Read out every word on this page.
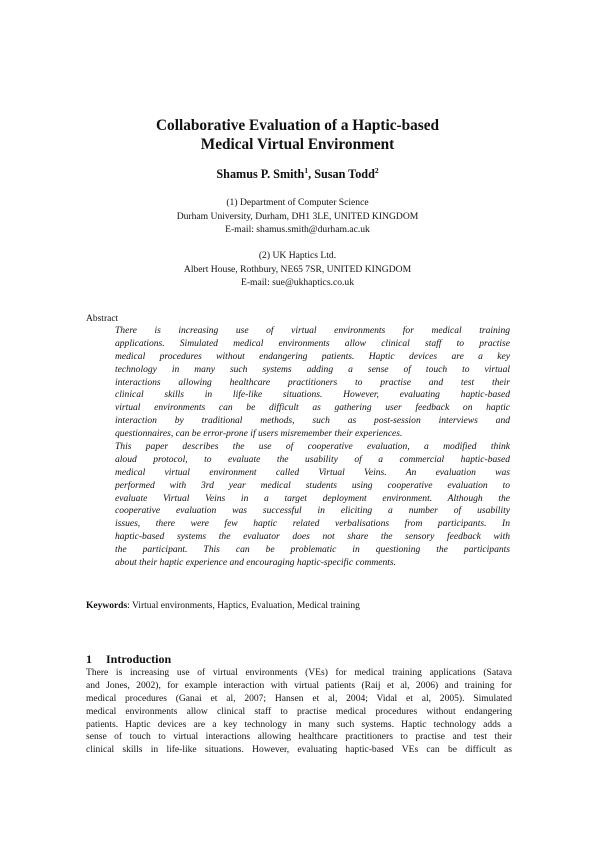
Collaborative Evaluation of a Haptic-based
Medical Virtual Environment
Shamus P. Smith$^1$, Susan Todd$^2$
(1) Department of Computer Science
Durham University, Durham, DH1 3LE, UNITED KINGDOM
E-mail: shamus.smith@durham.ac.uk
(2) UK Haptics Ltd.
Albert House, Rothbury, NE65 7SR, UNITED KINGDOM
E-mail: sue@ukhaptics.co.uk
Abstract
There is increasing use of virtual environments for medical training
applications. Simulated medical environments allow clinical staff to practise
medical procedures without endangering patients. Haptic devices are a key
technology in many such systems adding a sense of touch to virtual
interactions allowing healthcare practitioners to practise and test their
clinical skills in life-like situations. However, evaluating haptic-based
virtual environments can be difficult as gathering user feedback on haptic
interaction by traditional methods, such as post-session interviews and
questionnaires, can be error-prone if users misremember their experiences.
This paper describes the use of cooperative evaluation, a modified think
aloud protocol, to evaluate the usability of a commercial haptic-based
medical virtual environment called Virtual Veins. An evaluation was
performed with 3rd year medical students using cooperative evaluation to
evaluate Virtual Veins in a target deployment environment. Although the
cooperative evaluation was successful in eliciting a number of usability
issues, there were few haptic related verbalisations from participants. In
haptic-based systems the evaluator does not share the sensory feedback with
the participant. This can be problematic in questioning the participants
about their haptic experience and encouraging haptic-specific comments.
Keywords: Virtual environments, Haptics, Evaluation, Medical training
1 Introduction
There is increasing use of virtual environments (VEs) for medical training applications (Satava
and Jones, 2002), for example interaction with virtual patients (Raij et al, 2006) and training for
medical procedures (Ganai et al, 2007; Hansen et al, 2004; Vidal et al, 2005). Simulated
medical environments allow clinical staff to practise medical procedures without endangering
patients. Haptic devices are a key technology in many such systems. Haptic technology adds a
sense of touch to virtual interactions allowing healthcare practitioners to practise and test their
clinical skills in life-like situations. However, evaluating haptic-based VEs can be difficult as
